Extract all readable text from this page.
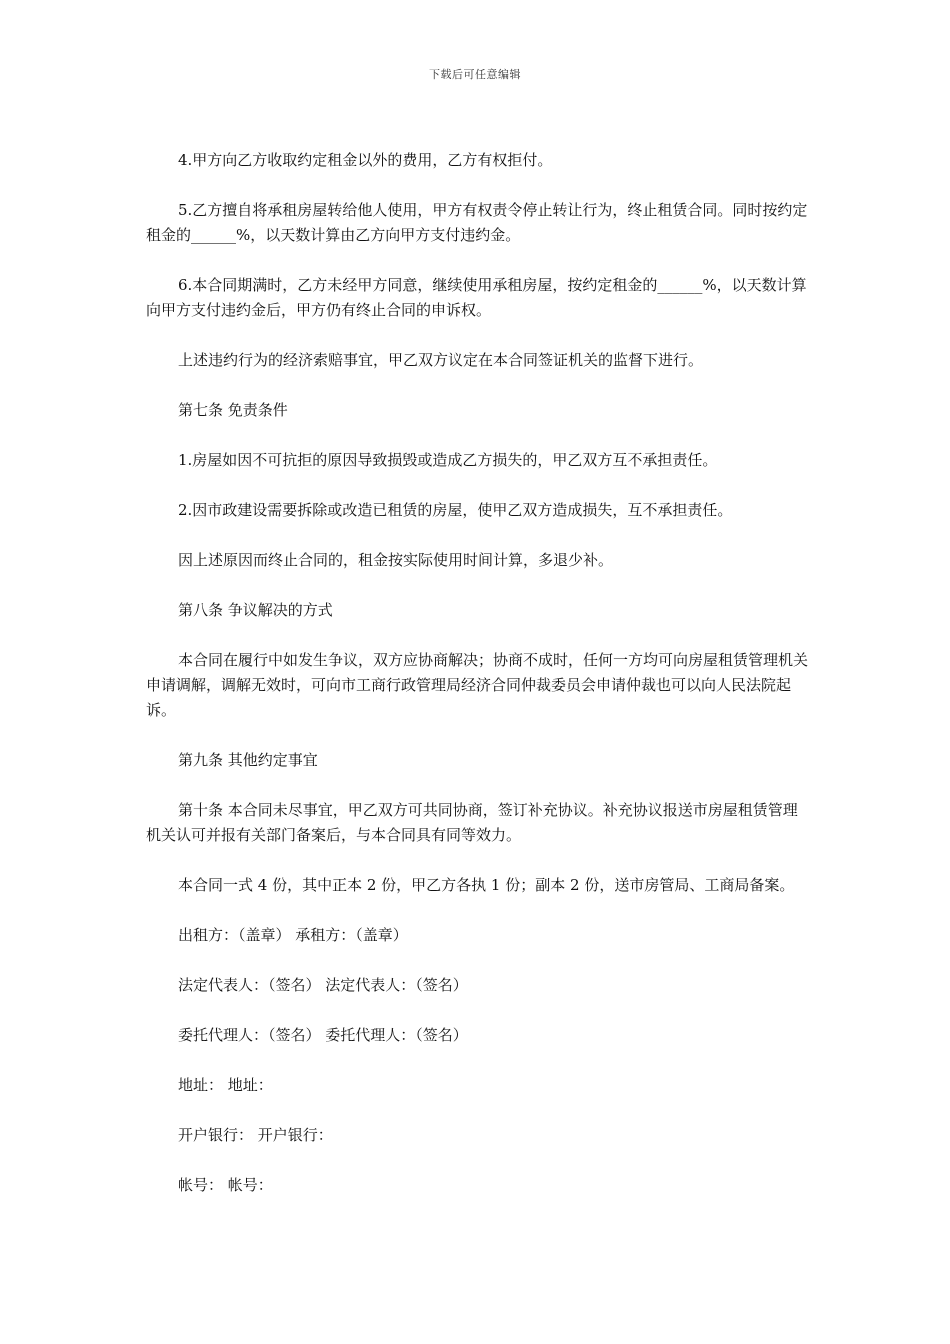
下载后可任意编辑

4.甲方向乙方收取约定租金以外的费用，乙方有权拒付。

5.乙方擅自将承租房屋转给他人使用，甲方有权责令停止转让行为，终止租赁合同。同时按约定租金的______%，以天数计算由乙方向甲方支付违约金。

6.本合同期满时，乙方未经甲方同意，继续使用承租房屋，按约定租金的______%，以天数计算向甲方支付违约金后，甲方仍有终止合同的申诉权。

上述违约行为的经济索赔事宜，甲乙双方议定在本合同签证机关的监督下进行。

第七条 免责条件

1.房屋如因不可抗拒的原因导致损毁或造成乙方损失的，甲乙双方互不承担责任。

2.因市政建设需要拆除或改造已租赁的房屋，使甲乙双方造成损失，互不承担责任。

因上述原因而终止合同的，租金按实际使用时间计算，多退少补。

第八条 争议解决的方式

本合同在履行中如发生争议，双方应协商解决；协商不成时，任何一方均可向房屋租赁管理机关申请调解，调解无效时，可向市工商行政管理局经济合同仲裁委员会申请仲裁也可以向人民法院起诉。

第九条 其他约定事宜

第十条 本合同未尽事宜，甲乙双方可共同协商，签订补充协议。补充协议报送市房屋租赁管理机关认可并报有关部门备案后，与本合同具有同等效力。

本合同一式 4 份，其中正本 2 份，甲乙方各执 1 份；副本 2 份，送市房管局、工商局备案。

出租方：（盖章） 承租方：（盖章）

法定代表人：（签名） 法定代表人：（签名）

委托代理人：（签名） 委托代理人：（签名）

地址： 地址：

开户银行： 开户银行：

帐号： 帐号：
